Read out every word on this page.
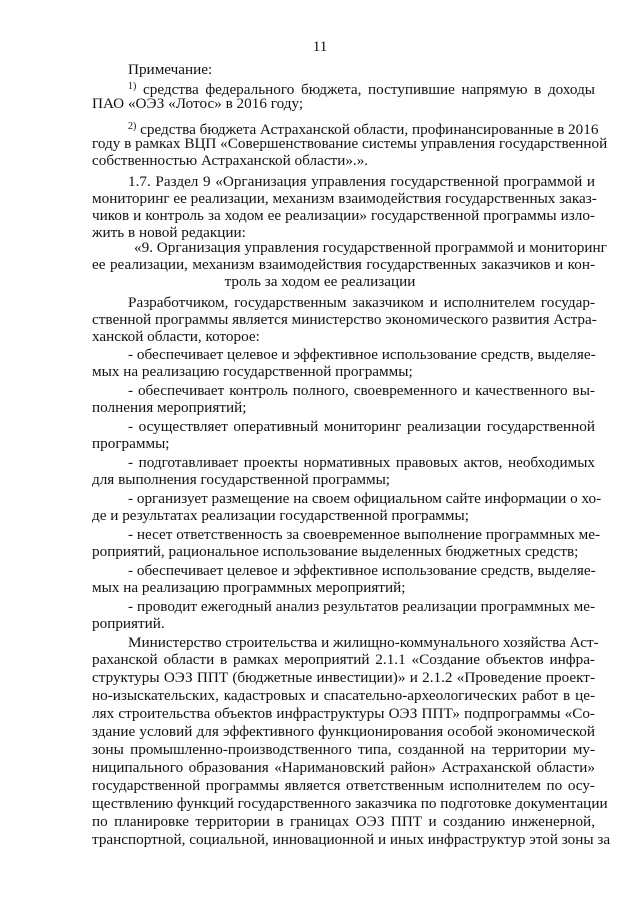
11
Примечание:
$^{1)}$ средства федерального бюджета, поступившие напрямую в доходы
ПАО «ОЭЗ «Лотос» в 2016 году;
$^{2)}$ средства бюджета Астраханской области, профинансированные в 2016
году в рамках ВЦП «Совершенствование системы управления государственной
собственностью Астраханской области».».
1.7. Раздел 9 «Организация управления государственной программой и
мониторинг ее реализации, механизм взаимодействия государственных заказ-
чиков и контроль за ходом ее реализации» государственной программы изло-
жить в новой редакции:
«9. Организация управления государственной программой и мониторинг
ее реализации, механизм взаимодействия государственных заказчиков и кон-
троль за ходом ее реализации
Разработчиком, государственным заказчиком и исполнителем государ-
ственной программы является министерство экономического развития Астра-
ханской области, которое:
- обеспечивает целевое и эффективное использование средств, выделяе-
мых на реализацию государственной программы;
- обеспечивает контроль полного, своевременного и качественного вы-
полнения мероприятий;
- осуществляет оперативный мониторинг реализации государственной
программы;
- подготавливает проекты нормативных правовых актов, необходимых
для выполнения государственной программы;
- организует размещение на своем официальном сайте информации о хо-
де и результатах реализации государственной программы;
- несет ответственность за своевременное выполнение программных ме-
роприятий, рациональное использование выделенных бюджетных средств;
- обеспечивает целевое и эффективное использование средств, выделяе-
мых на реализацию программных мероприятий;
- проводит ежегодный анализ результатов реализации программных ме-
роприятий.
Министерство строительства и жилищно-коммунального хозяйства Аст-
раханской области в рамках мероприятий 2.1.1 «Создание объектов инфра-
структуры ОЭЗ ППТ (бюджетные инвестиции)» и 2.1.2 «Проведение проект-
но-изыскательских, кадастровых и спасательно-археологических работ в це-
лях строительства объектов инфраструктуры ОЭЗ ППТ» подпрограммы «Со-
здание условий для эффективного функционирования особой экономической
зоны промышленно-производственного типа, созданной на территории му-
ниципального образования «Наримановский район» Астраханской области»
государственной программы является ответственным исполнителем по осу-
ществлению функций государственного заказчика по подготовке документации
по планировке территории в границах ОЭЗ ППТ и созданию инженерной,
транспортной, социальной, инновационной и иных инфраструктур этой зоны за
